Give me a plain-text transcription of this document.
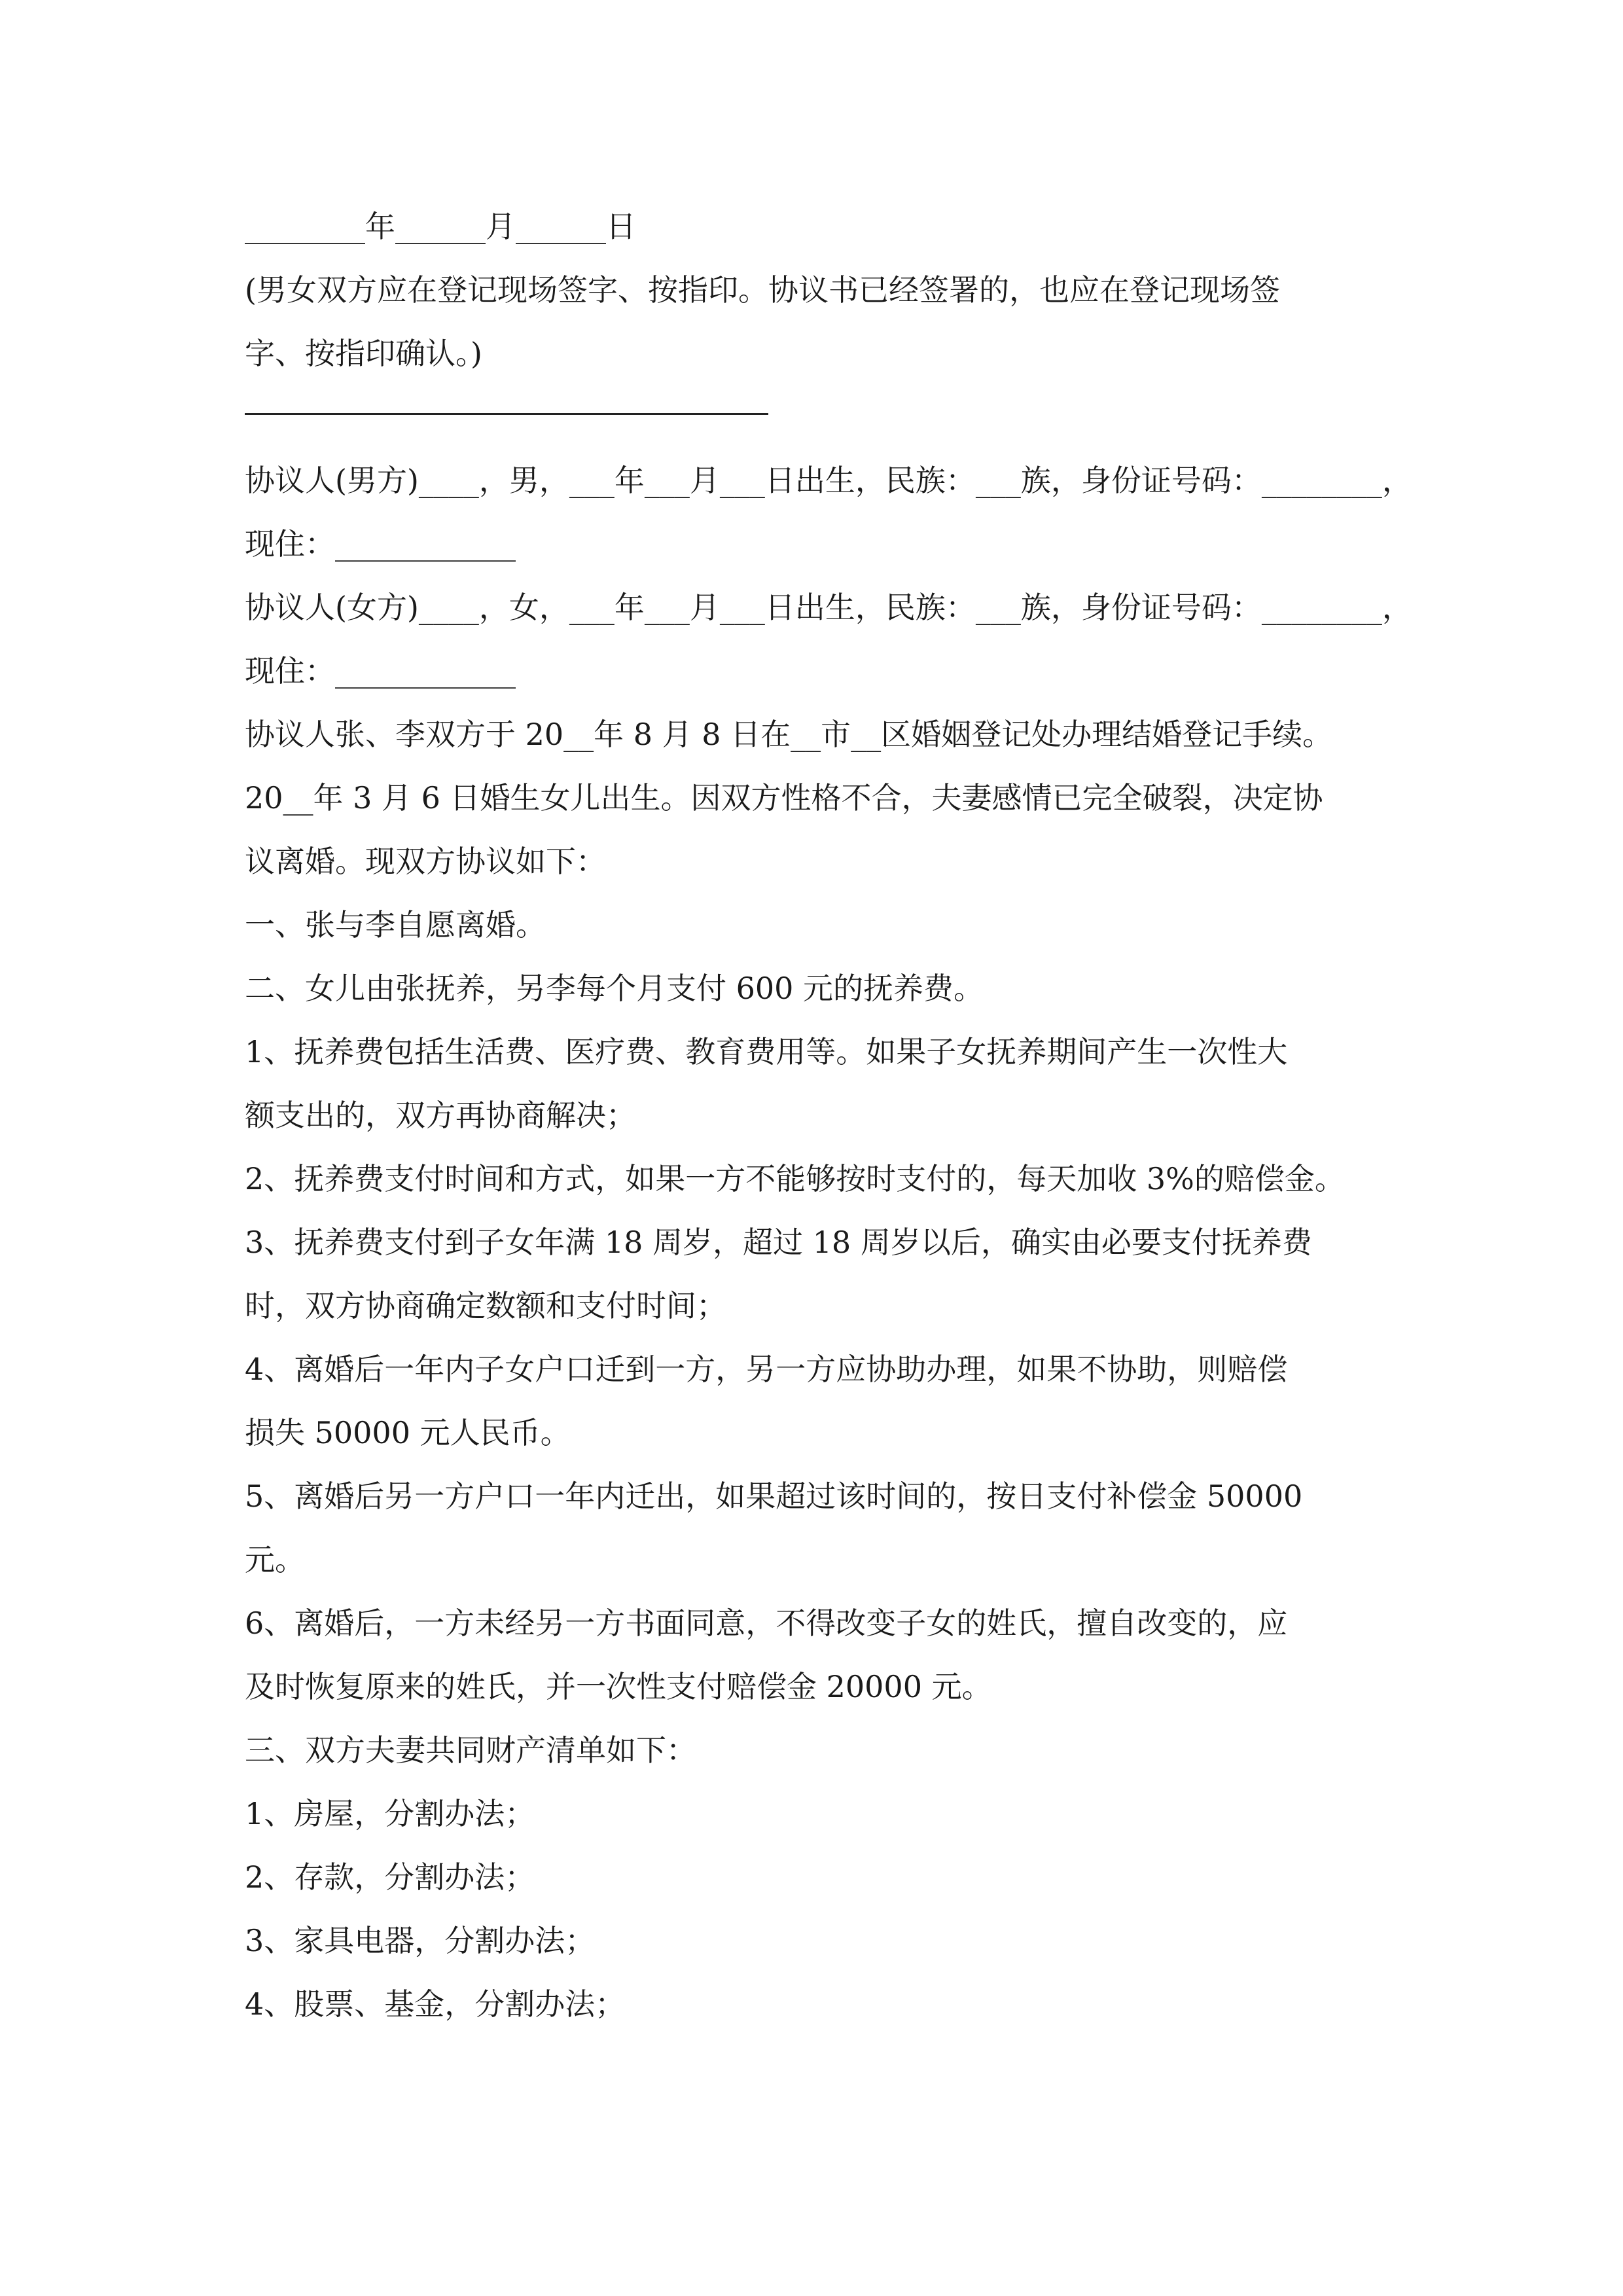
________年______月______日
(男女双方应在登记现场签字、按指印。协议书已经签署的，也应在登记现场签
字、按指印确认。)
协议人(男方)____，男，___年___月___日出生，民族：___族，身份证号码：________，
现住：____________
协议人(女方)____，女，___年___月___日出生，民族：___族，身份证号码：________，
现住：____________
协议人张、李双方于 20__年 8 月 8 日在__市__区婚姻登记处办理结婚登记手续。
20__年 3 月 6 日婚生女儿出生。因双方性格不合，夫妻感情已完全破裂，决定协
议离婚。现双方协议如下：
一、张与李自愿离婚。
二、女儿由张抚养，另李每个月支付 600 元的抚养费。
1、抚养费包括生活费、医疗费、教育费用等。如果子女抚养期间产生一次性大
额支出的，双方再协商解决；
2、抚养费支付时间和方式，如果一方不能够按时支付的，每天加收 3%的赔偿金。
3、抚养费支付到子女年满 18 周岁，超过 18 周岁以后，确实由必要支付抚养费
时，双方协商确定数额和支付时间；
4、离婚后一年内子女户口迁到一方，另一方应协助办理，如果不协助，则赔偿
损失 50000 元人民币。
5、离婚后另一方户口一年内迁出，如果超过该时间的，按日支付补偿金 50000
元。
6、离婚后，一方未经另一方书面同意，不得改变子女的姓氏，擅自改变的，应
及时恢复原来的姓氏，并一次性支付赔偿金 20000 元。
三、双方夫妻共同财产清单如下：
1、房屋，分割办法；
2、存款，分割办法；
3、家具电器，分割办法；
4、股票、基金，分割办法；
